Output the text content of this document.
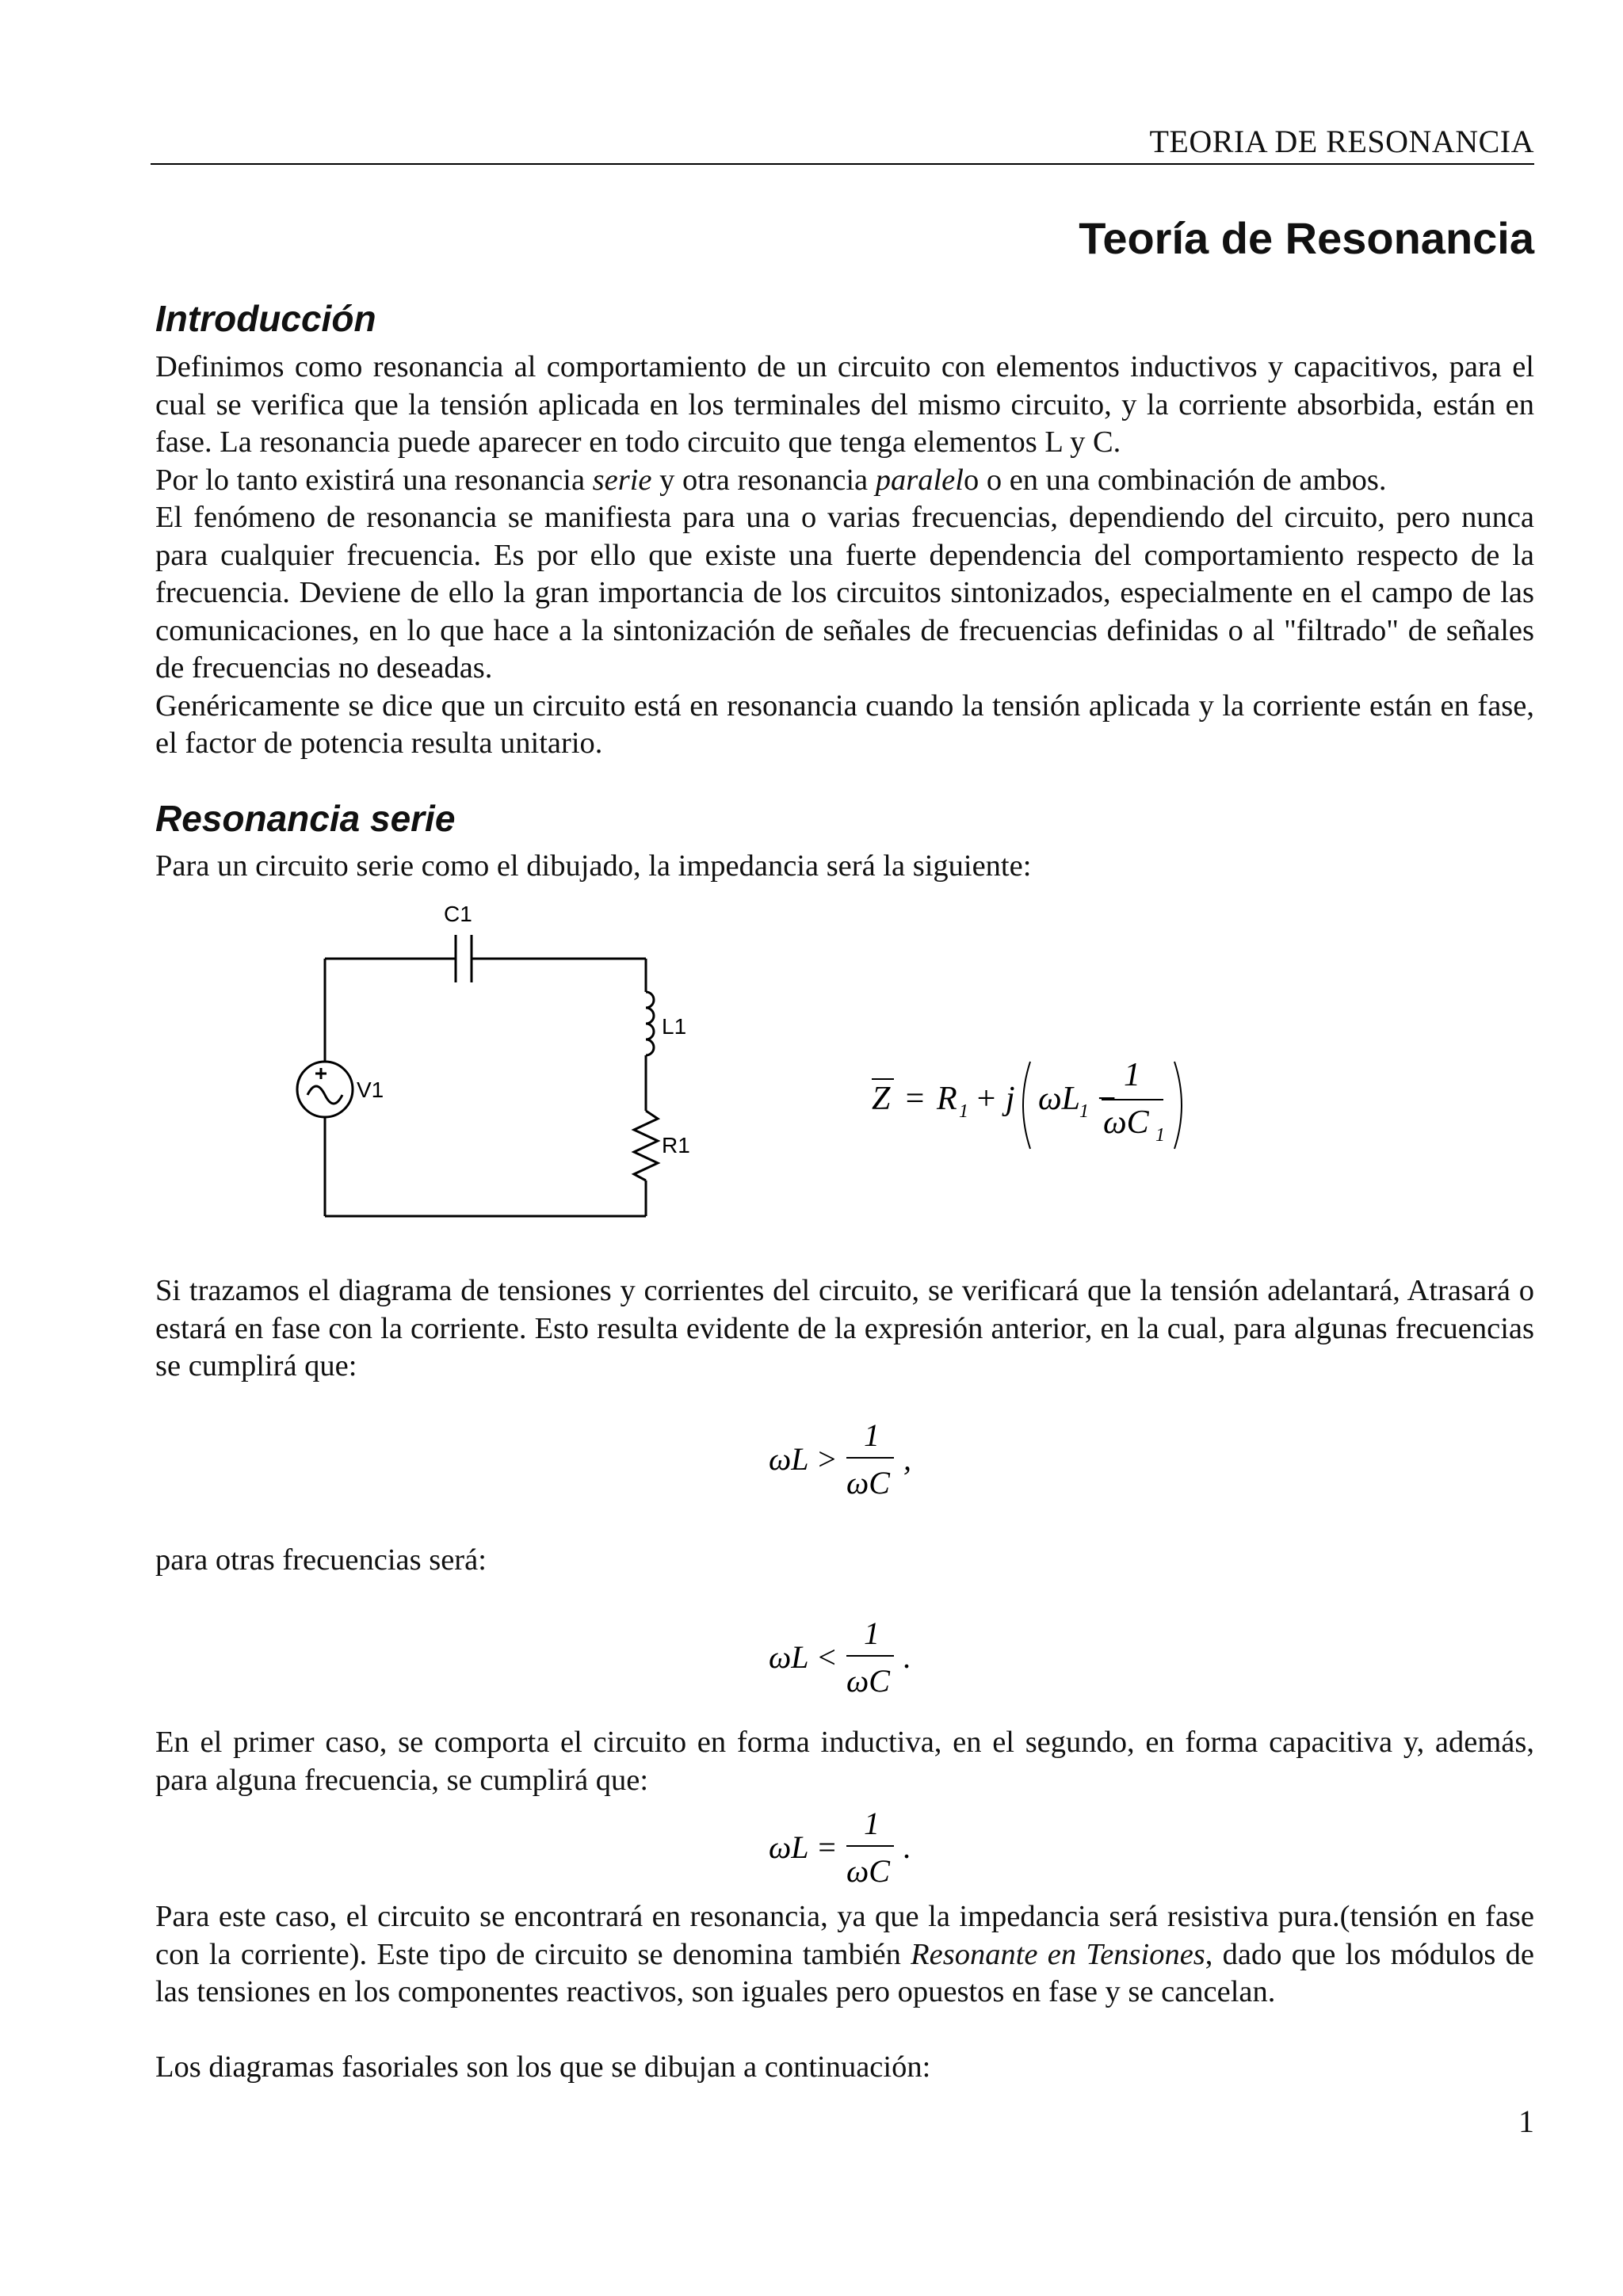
TEORIA DE RESONANCIA
Teoría de Resonancia
Introducción

Definimos como resonancia al comportamiento de un circuito con elementos inductivos y capacitivos, para el cual se verifica que la tensión aplicada en los terminales del mismo circuito, y la corriente absorbida, están en fase. La resonancia puede aparecer en todo circuito que tenga elementos L y C.

Por lo tanto existirá una resonancia serie y otra resonancia paralelo o en una combinación de ambos.

El fenómeno de resonancia se manifiesta para una o varias frecuencias, dependiendo del circuito, pero nunca para cualquier frecuencia. Es por ello que existe una fuerte dependencia del comportamiento respecto de la frecuencia. Deviene de ello la gran importancia de los circuitos sintonizados, especialmente en el campo de las comunicaciones, en lo que hace a la sintonización de señales de frecuencias definidas o al "filtrado" de señales de frecuencias no deseadas.

Genéricamente se dice que un circuito está en resonancia cuando la tensión aplicada y la corriente están en fase, el factor de potencia resulta unitario.

Resonancia serie
Para un circuito serie como el dibujado, la impedancia será la siguiente:
C1
L1
R1
V1	Z = R 1 + j ωL
1 −
1
ωC 1
Si trazamos el diagrama de tensiones y corrientes del circuito, se verificará que la tensión adelantará, Atrasará o estará en fase con la corriente. Esto resulta evidente de la expresión anterior, en la cual, para algunas frecuencias se cumplirá que:
ωL >
1
ωC
,
para otras frecuencias será:
ωL <
1
ωC
.
En el primer caso, se comporta el circuito en forma inductiva, en el segundo, en forma capacitiva y, además, para alguna frecuencia, se cumplirá que:
ωL =
1
ωC
.
Para este caso, el circuito se encontrará en resonancia, ya que la impedancia será resistiva pura.(tensión en fase con la corriente). Este tipo de circuito se denomina también Resonante en Tensiones, dado que los módulos de las tensiones en los componentes reactivos, son iguales pero opuestos en fase y se cancelan.
Los diagramas fasoriales son los que se dibujan a continuación:
1
